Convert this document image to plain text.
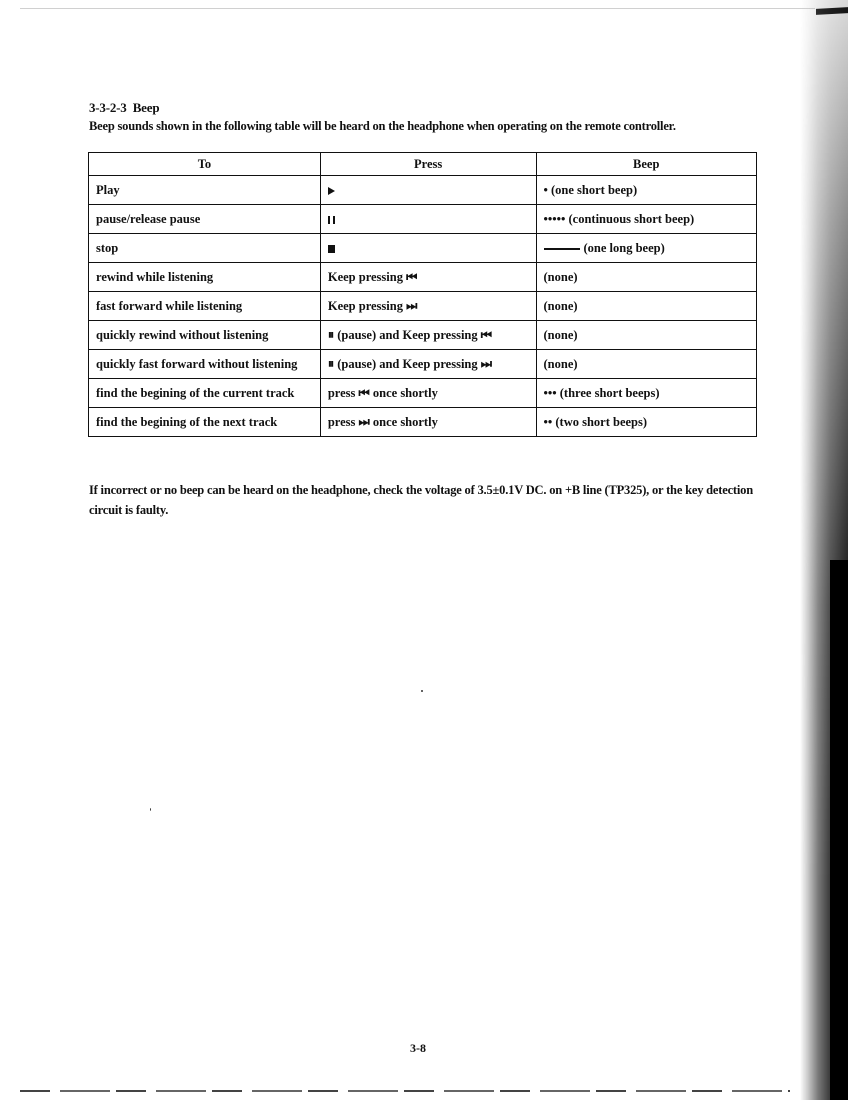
3-3-2-3 Beep
Beep sounds shown in the following table will be heard on the headphone when operating on the remote controller.
To	Press	Beep
Play		• (one short beep)
pause/release pause		••••• (continuous short beep)
stop		(one long beep)
rewind while listening	Keep pressing ⏮	(none)
fast forward while listening	Keep pressing ⏭	(none)
quickly rewind without listening	⏸ (pause) and Keep pressing ⏮	(none)
quickly fast forward without listening	⏸ (pause) and Keep pressing ⏭	(none)
find the begining of the current track	press ⏮ once shortly	••• (three short beeps)
find the begining of the next track	press ⏭ once shortly	•• (two short beeps)
If incorrect or no beep can be heard on the headphone, check the voltage of 3.5±0.1V DC. on +B line (TP325), or the key detection circuit is faulty.
3-8
